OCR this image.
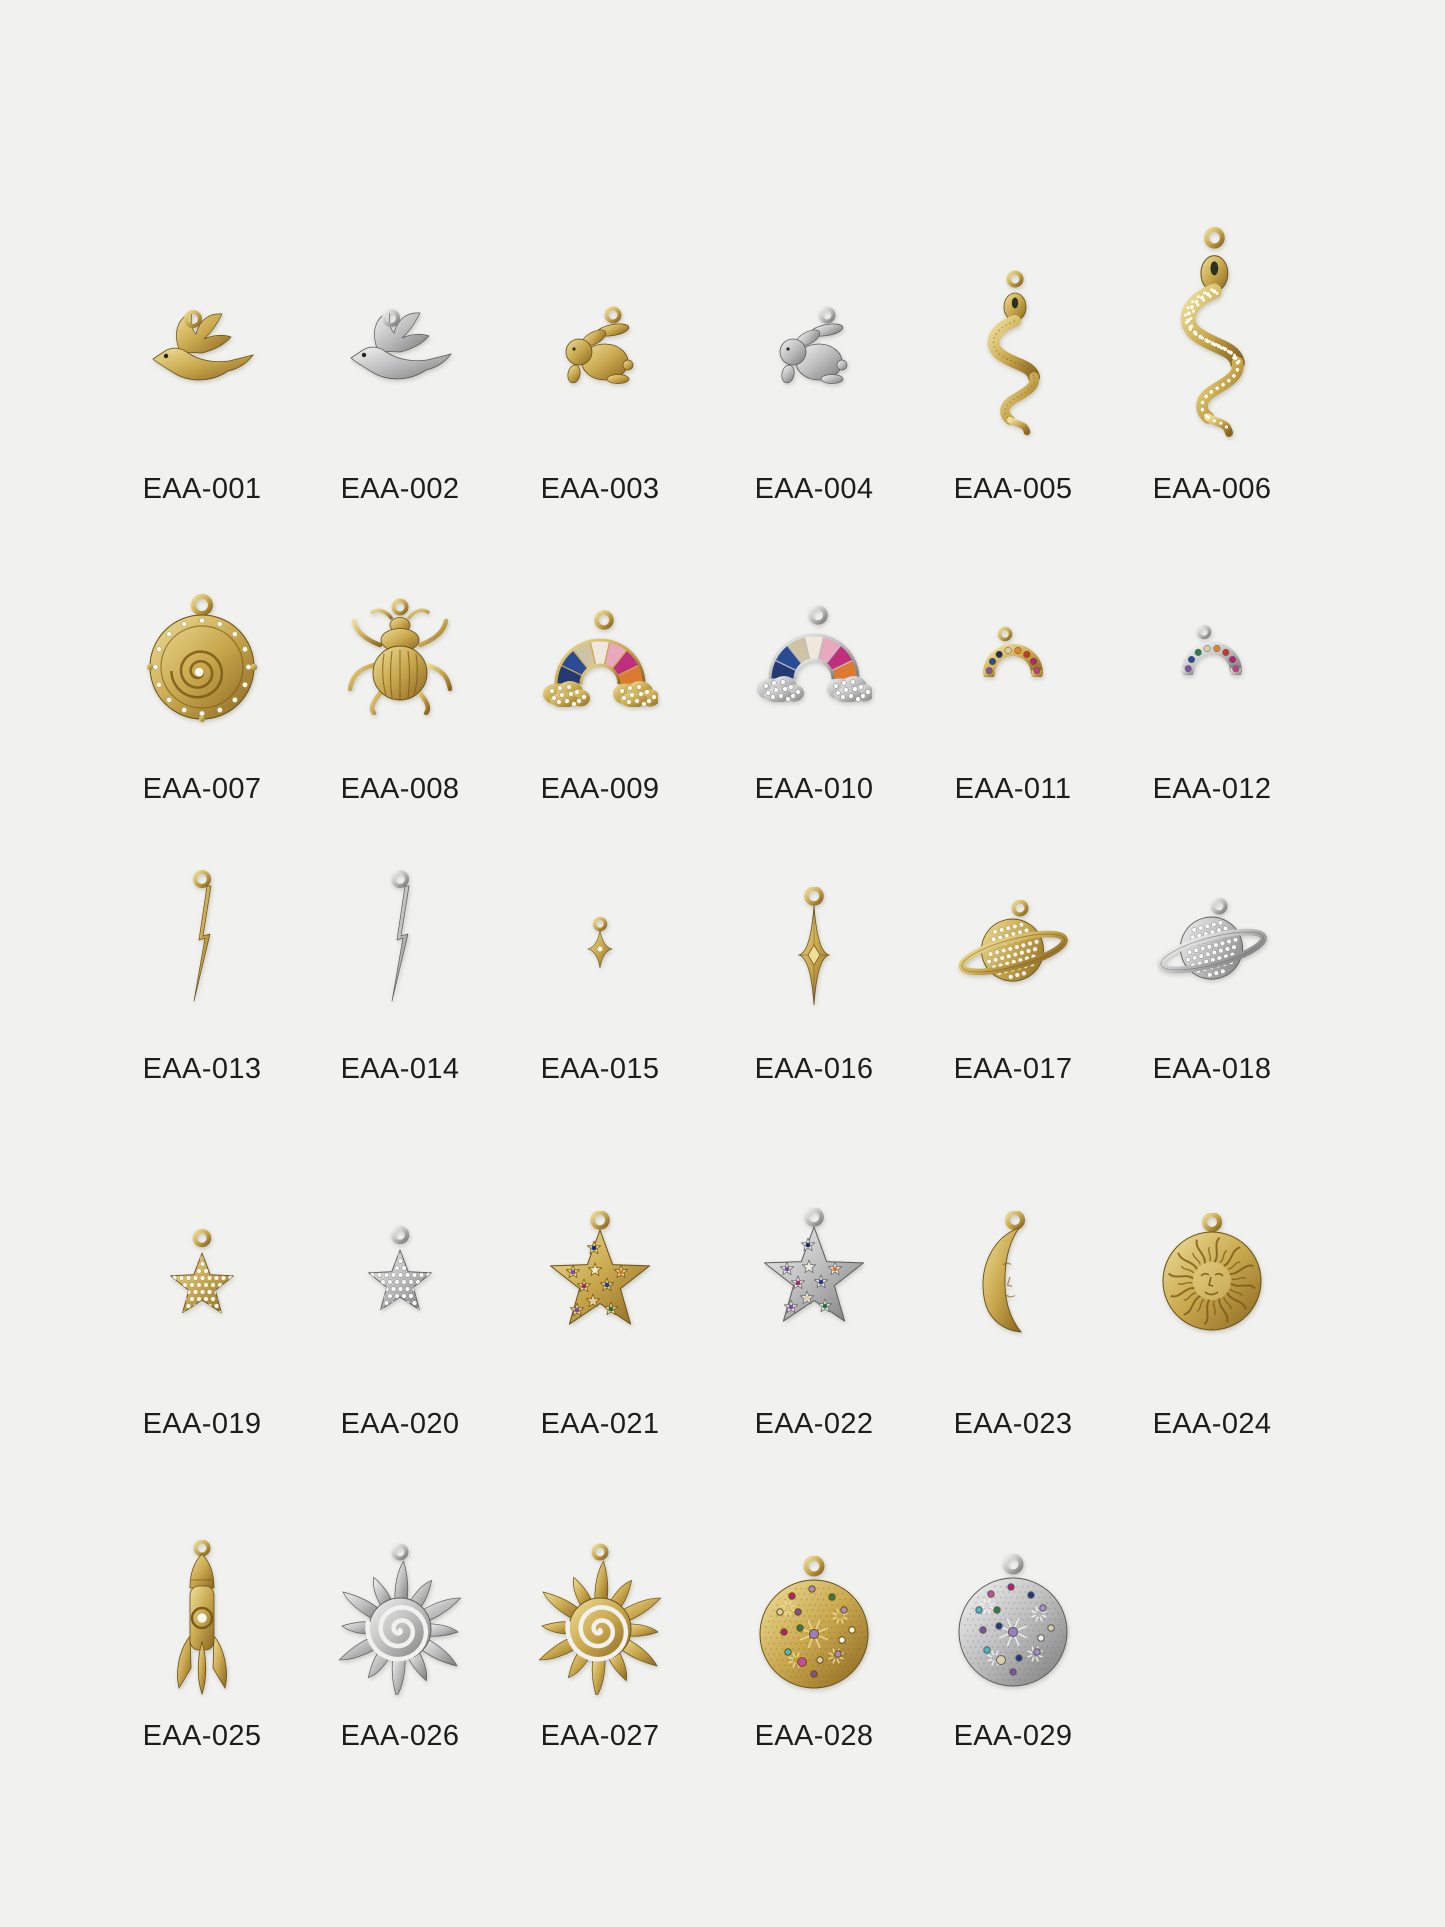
EAA-001	EAA-002	EAA-003	EAA-004	EAA-005	EAA-006
EAA-007	EAA-008	EAA-009	EAA-010	EAA-011	EAA-012
EAA-013	EAA-014	EAA-015	EAA-016	EAA-017	EAA-018
EAA-019	EAA-020	EAA-021	EAA-022	EAA-023	EAA-024
EAA-025	EAA-026	EAA-027	EAA-028	EAA-029
